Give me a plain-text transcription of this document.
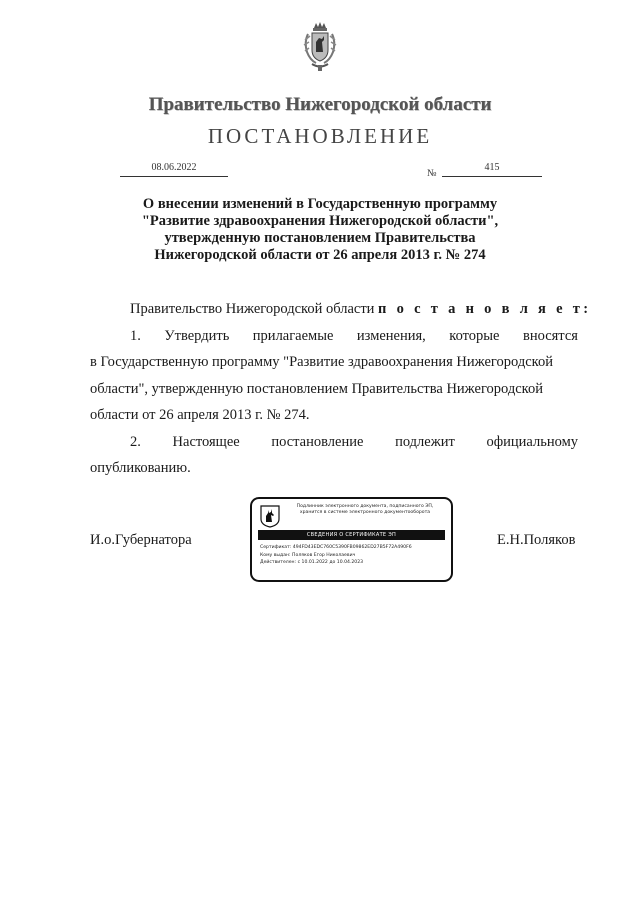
Правительство Нижегородской области
ПОСТАНОВЛЕНИЕ
08.06.2022
№
415
О внесении изменений в Государственную программу
"Развитие здравоохранения Нижегородской области",
утвержденную постановлением Правительства
Нижегородской области от 26 апреля 2013 г. № 274
Правительство Нижегородской области п о с т а н о в л я е т:
1. Утвердить прилагаемые изменения, которые вносятся
в Государственную программу "Развитие здравоохранения Нижегородской
области", утвержденную постановлением Правительства Нижегородской
области от 26 апреля 2013 г. № 274.
2. Настоящее постановление подлежит официальному
опубликованию.
И.о.Губернатора	Е.Н.Поляков
Подлинник электронного документа, подписанного ЭП,
хранится в системе электронного документооборота
СВЕДЕНИЯ О СЕРТИФИКАТЕ ЭП
Сертификат: 494FD43EDC760C5390FB09862ED27B5F72A490F6
Кому выдан: Поляков Егор Николаевич
Действителен: с 10.01.2022 до 10.04.2023
